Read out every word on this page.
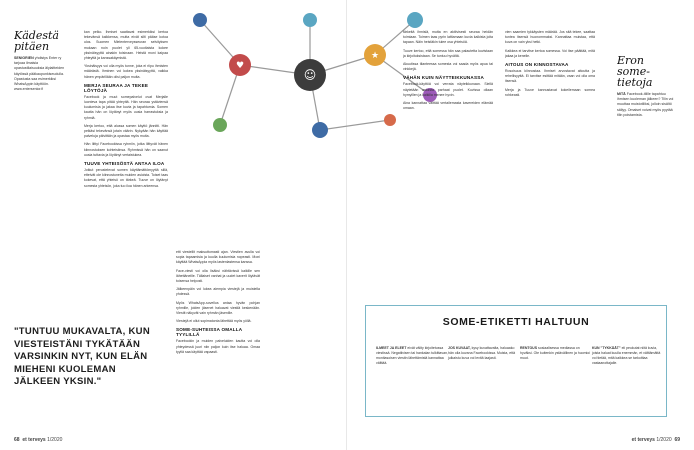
Kädestä pitäen

SENIORIEN yhdistys Enter ry tarjoaa ilmaisia opastustilaisuuksia älylaitteiden käytössä pääkaupunkiseudulla. Opastusta saa esimerkiksi WhatsAppin käyttöön. www.entersenior.fi

kan pelko. Ihmiset saattavat esimerkiksi kertoa tekevänsä kaikkensa, mutta eivät silti pääse kotoa ulos. Suomen Mielenterveysseuran selvityksen mukaan noin puolet yli 65-vuotiaista kokee yksinäisyyttä ainakin toisinaan. Heistä moni kaipaa yhteyttä ja kanssakäymistä.

Yksinäisyys voi olla myös tunne, joka ei riipu ihmisten määrästä. Ihminen voi kokea yksinäisyyttä, vaikka hänen ympärillään olisi paljon muita.

MERJA SEURAA JA TEKEE LÕYTÖJÄ

Facebook ja muut somepalvelut ovat Merjalle luonteva tapa pitää yhteyttä. Hän seuraa ystäviensä kuulumisia ja jakaa itse kuvia ja tapahtumia. Somen kautta hän on löytänyt myös uusia harrastuksia ja ryhmiä.

Merja kertoo, että alussa somen käyttö jännitti. Hän pelkäsi tekevänsä jotain väärin. Nykyään hän käyttää palveluja päivittäin ja opastaa myös muita.

Hän liittyi Facebookissa ryhmiin, jotka liittyvät hänen kiinnostuksen kohteisiinsa. Ryhmissä hän on saanut uusia tuttavia ja löytänyt vertaistukea.

TUUVE YHTEISÖSTÄ ANTAA ILOA

Jotkut perustelevat somen käyttämättömyyttä sillä, etteivät ole kiinnostuneita muiden asioista. Toiset taas kokevat, että yhteisö on tärkeä. Tuuve on löytänyt somesta yhteisön, joka tuo iloa hänen arkeensa.

etti viestellit maksuttomasti ajan. Viestien avulla voi sopia tapaamisia ja kuulla kuulumisia nopeasti. Moni käyttää WhatsAppia myös lastenlastensa kanssa.

Face-viesti voi olla lisäksi nähtävissä kaikille sen lähettäneille. Tällaiset vanhat ja uudet kaverit löytävät toisensa helposti.

Jälkeenpäin voi lukea aiempia viestejä ja muistella yhdessä.

Myös WhatsApp-sovellus antaa hyvän pohjan ryhmille, joiden jäsenet haluavat viestiä keskenään. Viestit näkyvät vain ryhmän jäsenille.

Viestejä ei ollut sopimatonta lähettää myös yöllä.

SOME-SUHTEISSA OMALLA TYYLILLÄ

Facebookin ja muiden palveluiden kautta voi olla yhteydessä juuri niin paljon kuin itse haluaa. Omaa tyyliä saa käyttää vapaasti.

"TUNTUU MUKAVALTA, KUN VIESTEISTÄNI TYKÄTÄÄN VARSINKIN NYT, KUN ELÄN MIEHENI KUOLEMAN JÄLKEEN YKSIN."
68 et terveys 1/2020
☺
♥
★

tärkeitä ihmisiä, mutta en aktiivisesti seuraa heidän toimiaan. Toimen taas pyrin laittamaan kuvia kaikista joita tapaan. Näin heistäkin tulee osa yhteisöä.

Tuuve kertoo, että somessa hän saa palautetta kuvistaan ja kirjoituksistaan. Se tuntuu hyvältä.

Akuutissa tilanteessa somesta voi saada myös apua tai vinkkejä.

VÄHÄN KUIN NÄYTTEIKKUNASSA

Facebook-käyttöä voi verrata näyteikkunaan. Siellä näytetään asioista parhaat puolet. Kuvissa ollaan hymyillen ja kaikilla menee hyvin.

Aina kannattaa välttää vertailemasta kavereiden elämää omaan.

vien saamien tykkäysten määrää. Jos sitä tekee, saattaa tuntea itsensä huonommaksi. Kannattaa muistaa, että kuva on vain yksi hetki.

Kaikkea ei tarvitse kertoa somessa. Voi itse päättää, mitä jakaa ja kenelle.

AITOUS ON KINNOSTAVAA

Rosoisuus kiinnostaa. Ihmiset arvostavat aitoutta ja rehellisyyttä. Ei tarvitse esittää mitään, vaan voi olla oma itsensä.

Merja ja Tuuve kannustavat kokeilemaan somea rohkeasti.

Eron some-tietoja

MITÄ Facebook-tilille tapahtuu ihmisen kuoleman jälkeen? Tilin voi muuttaa muistotiliksi, jolloin sisältö säilyy. Omaiset voivat myös pyytää tilin poistamista.

et terveys 1/2020 69
SOME-ETIKETTI HALTUUN

ILMEET JA ELEET eivät välity kirjoitetussa viestissä. Negatiivisen tai hankalan tulkittavan, monitasoisen viestin lähettämistä kannattaa välttää.

JOS KUVAAT, kysy kuvattavalta, haluaako hän olla kuvana Facebookissa. Muista, että julkaistu kuva voi levitä laajasti.

RENTOUS sosiaalisessa mediassa on hyväksi. Ole kuitenkin ystävällinen ja huomioi muut.

KUN "TYKKÄÄT" eli peukutat niitä kuvia, joista haluat kuulla enemmän, et välttämättä voi tietää, mitä kaikkea se tarkoittaa vastaanottajalle.
